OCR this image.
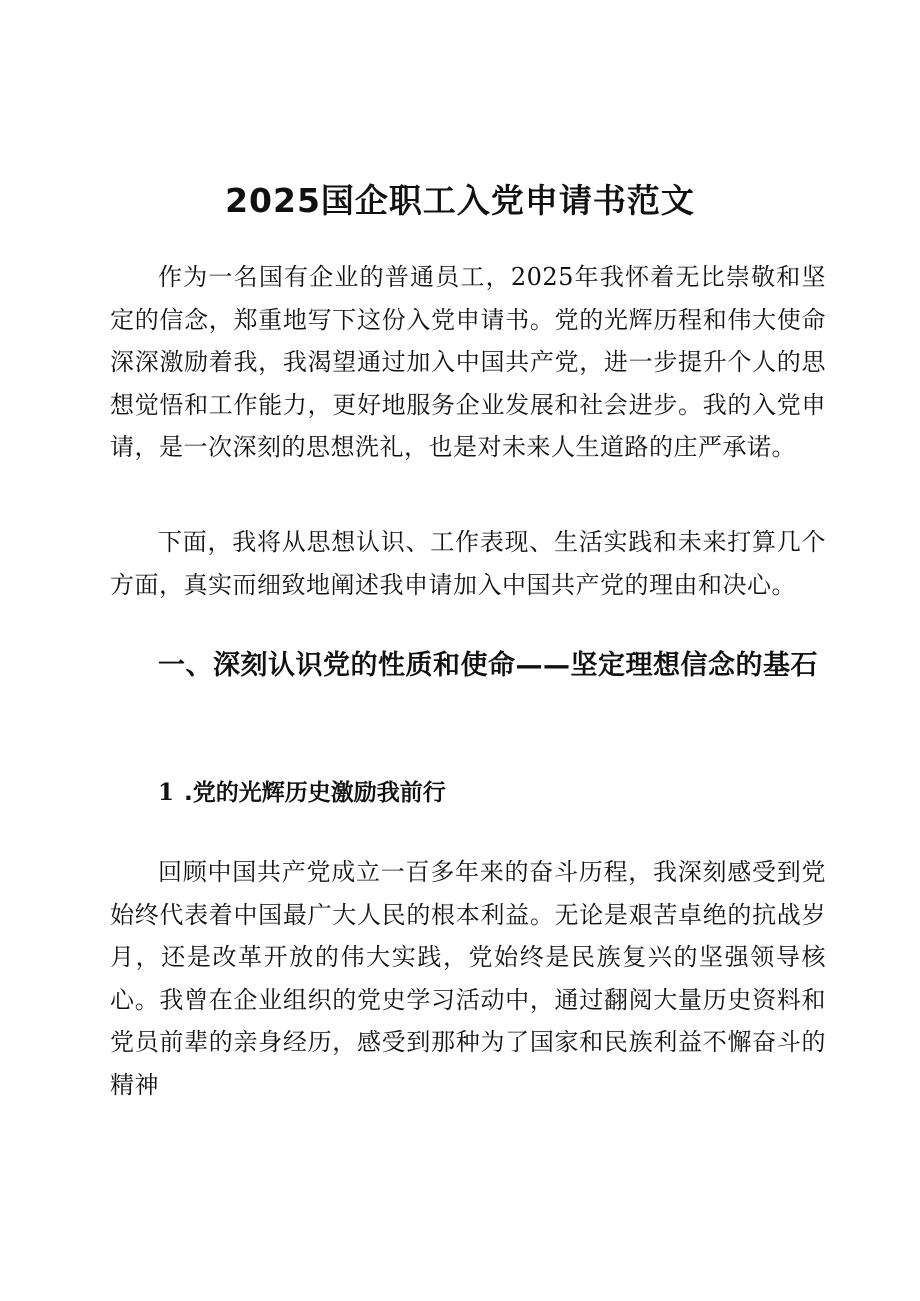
2025国企职工入党申请书范文

作为一名国有企业的普通员工，2025年我怀着无比崇敬和坚定的信念，郑重地写下这份入党申请书。党的光辉历程和伟大使命深深激励着我，我渴望通过加入中国共产党，进一步提升个人的思想觉悟和工作能力，更好地服务企业发展和社会进步。我的入党申请，是一次深刻的思想洗礼，也是对未来人生道路的庄严承诺。

下面，我将从思想认识、工作表现、生活实践和未来打算几个方面，真实而细致地阐述我申请加入中国共产党的理由和决心。

一、深刻认识党的性质和使命——坚定理想信念的基石
1 .党的光辉历史激励我前行

回顾中国共产党成立一百多年来的奋斗历程，我深刻感受到党始终代表着中国最广大人民的根本利益。无论是艰苦卓绝的抗战岁月，还是改革开放的伟大实践，党始终是民族复兴的坚强领导核心。我曾在企业组织的党史学习活动中，通过翻阅大量历史资料和党员前辈的亲身经历，感受到那种为了国家和民族利益不懈奋斗的精神
